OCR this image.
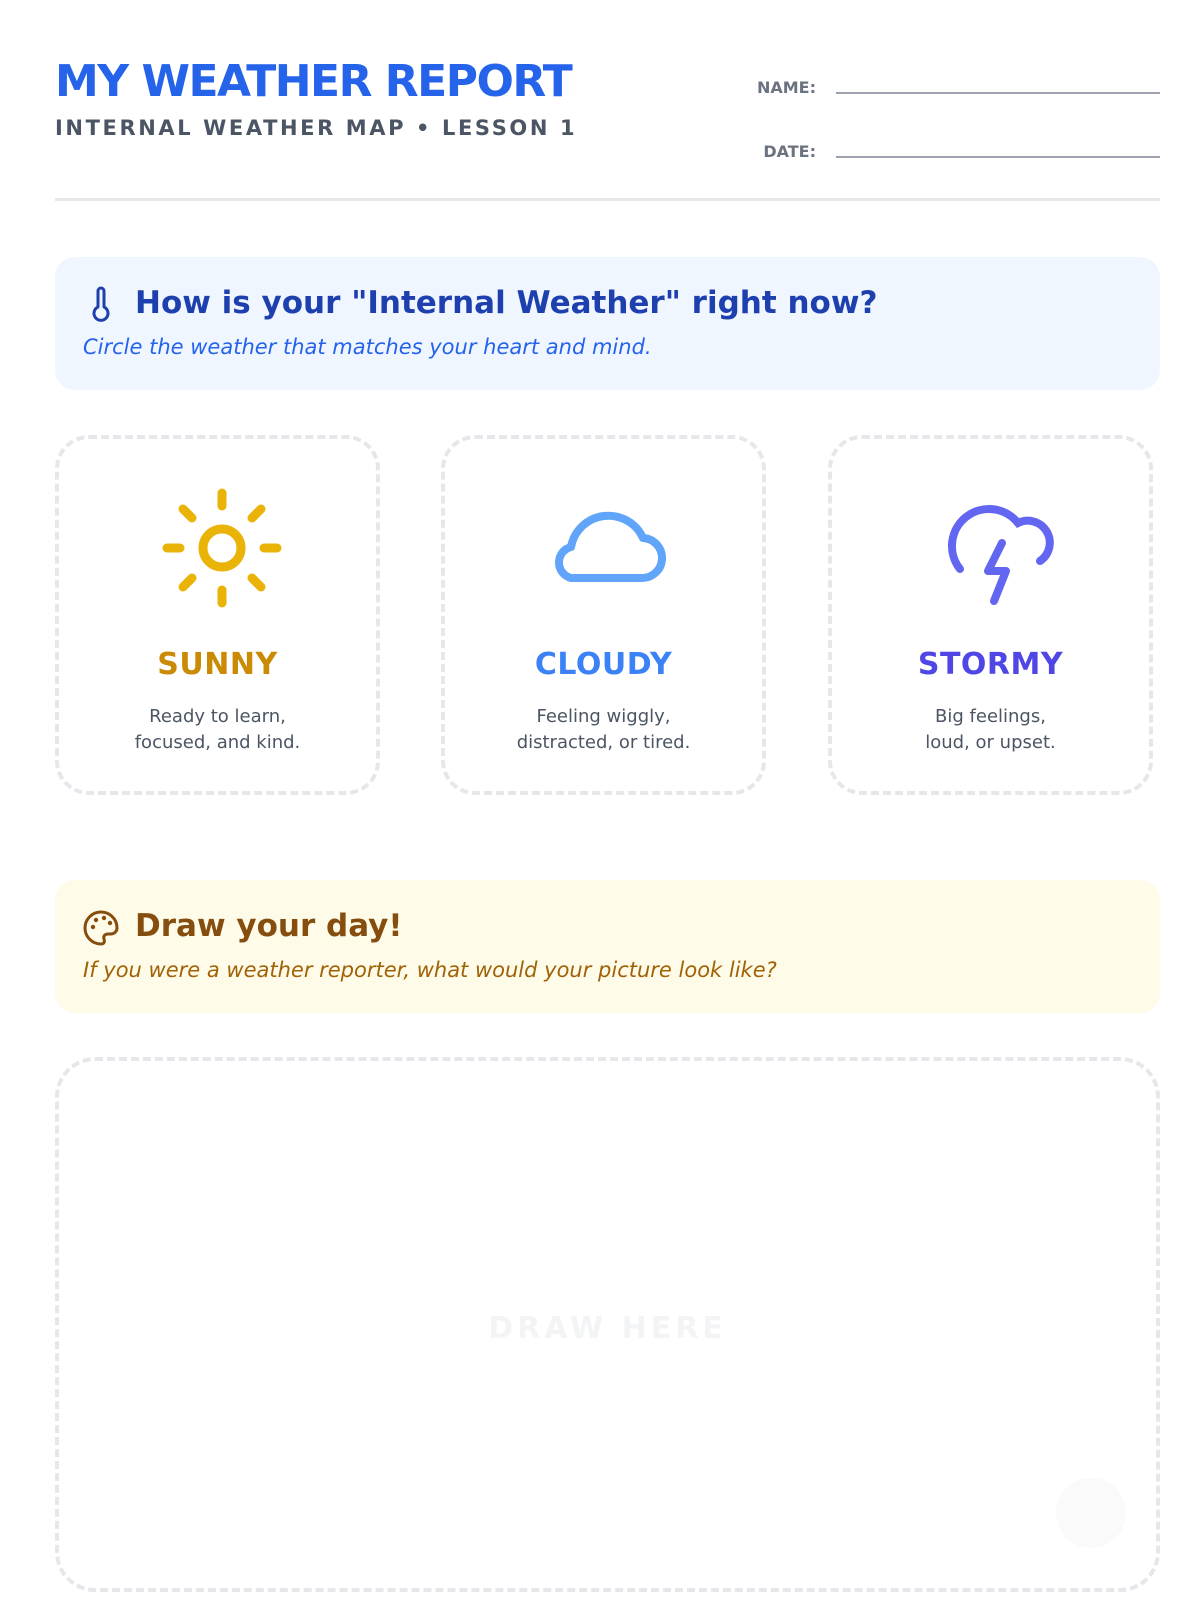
MY WEATHER REPORT
INTERNAL WEATHER MAP • LESSON 1
NAME:
DATE:
How is your "Internal Weather" right now?
Circle the weather that matches your heart and mind.
SUNNY
Ready to learn,
focused, and kind.
CLOUDY
Feeling wiggly,
distracted, or tired.
STORMY
Big feelings,
loud, or upset.
Draw your day!
If you were a weather reporter, what would your picture look like?
DRAW HERE
